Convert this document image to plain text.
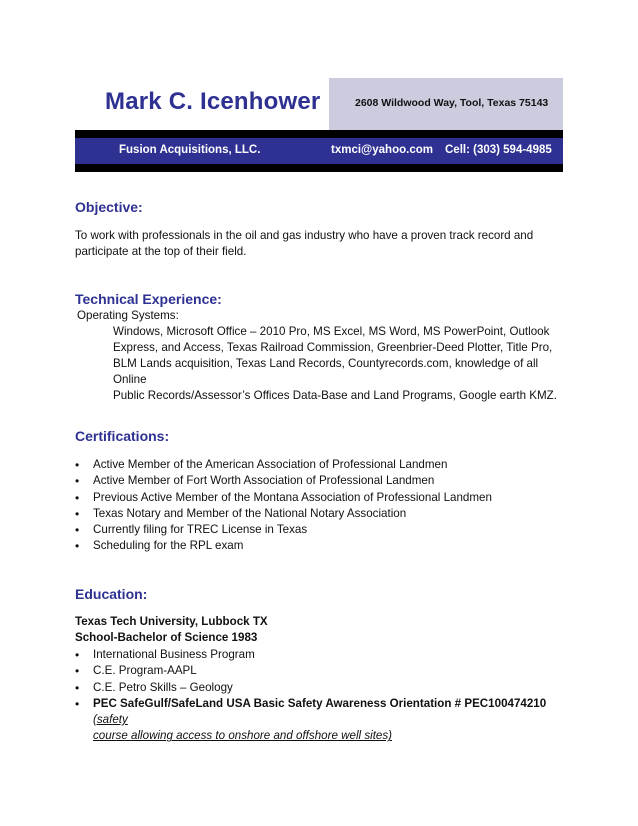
Mark C. Icenhower	2608 Wildwood Way, Tool, Texas 75143
Fusion Acquisitions, LLC.	txmci@yahoo.com Cell: (303) 594-4985
Objective:
To work with professionals in the oil and gas industry who have a proven track record and
participate at the top of their field.
Technical Experience:
Operating Systems:
Windows, Microsoft Office – 2010 Pro, MS Excel, MS Word, MS PowerPoint, Outlook
Express, and Access, Texas Railroad Commission, Greenbrier-Deed Plotter, Title Pro,
BLM Lands acquisition, Texas Land Records, Countyrecords.com, knowledge of all Online
Public Records/Assessor’s Offices Data-Base and Land Programs, Google earth KMZ.
Certifications:
• Active Member of the American Association of Professional Landmen
• Active Member of Fort Worth Association of Professional Landmen
• Previous Active Member of the Montana Association of Professional Landmen
• Texas Notary and Member of the National Notary Association
• Currently filing for TREC License in Texas
• Scheduling for the RPL exam
Education:
Texas Tech University, Lubbock TX
School-Bachelor of Science 1983
• International Business Program
• C.E. Program-AAPL
• C.E. Petro Skills – Geology
• PEC SafeGulf/SafeLand USA Basic Safety Awareness Orientation # PEC100474210 (safety
course allowing access to onshore and offshore well sites)
